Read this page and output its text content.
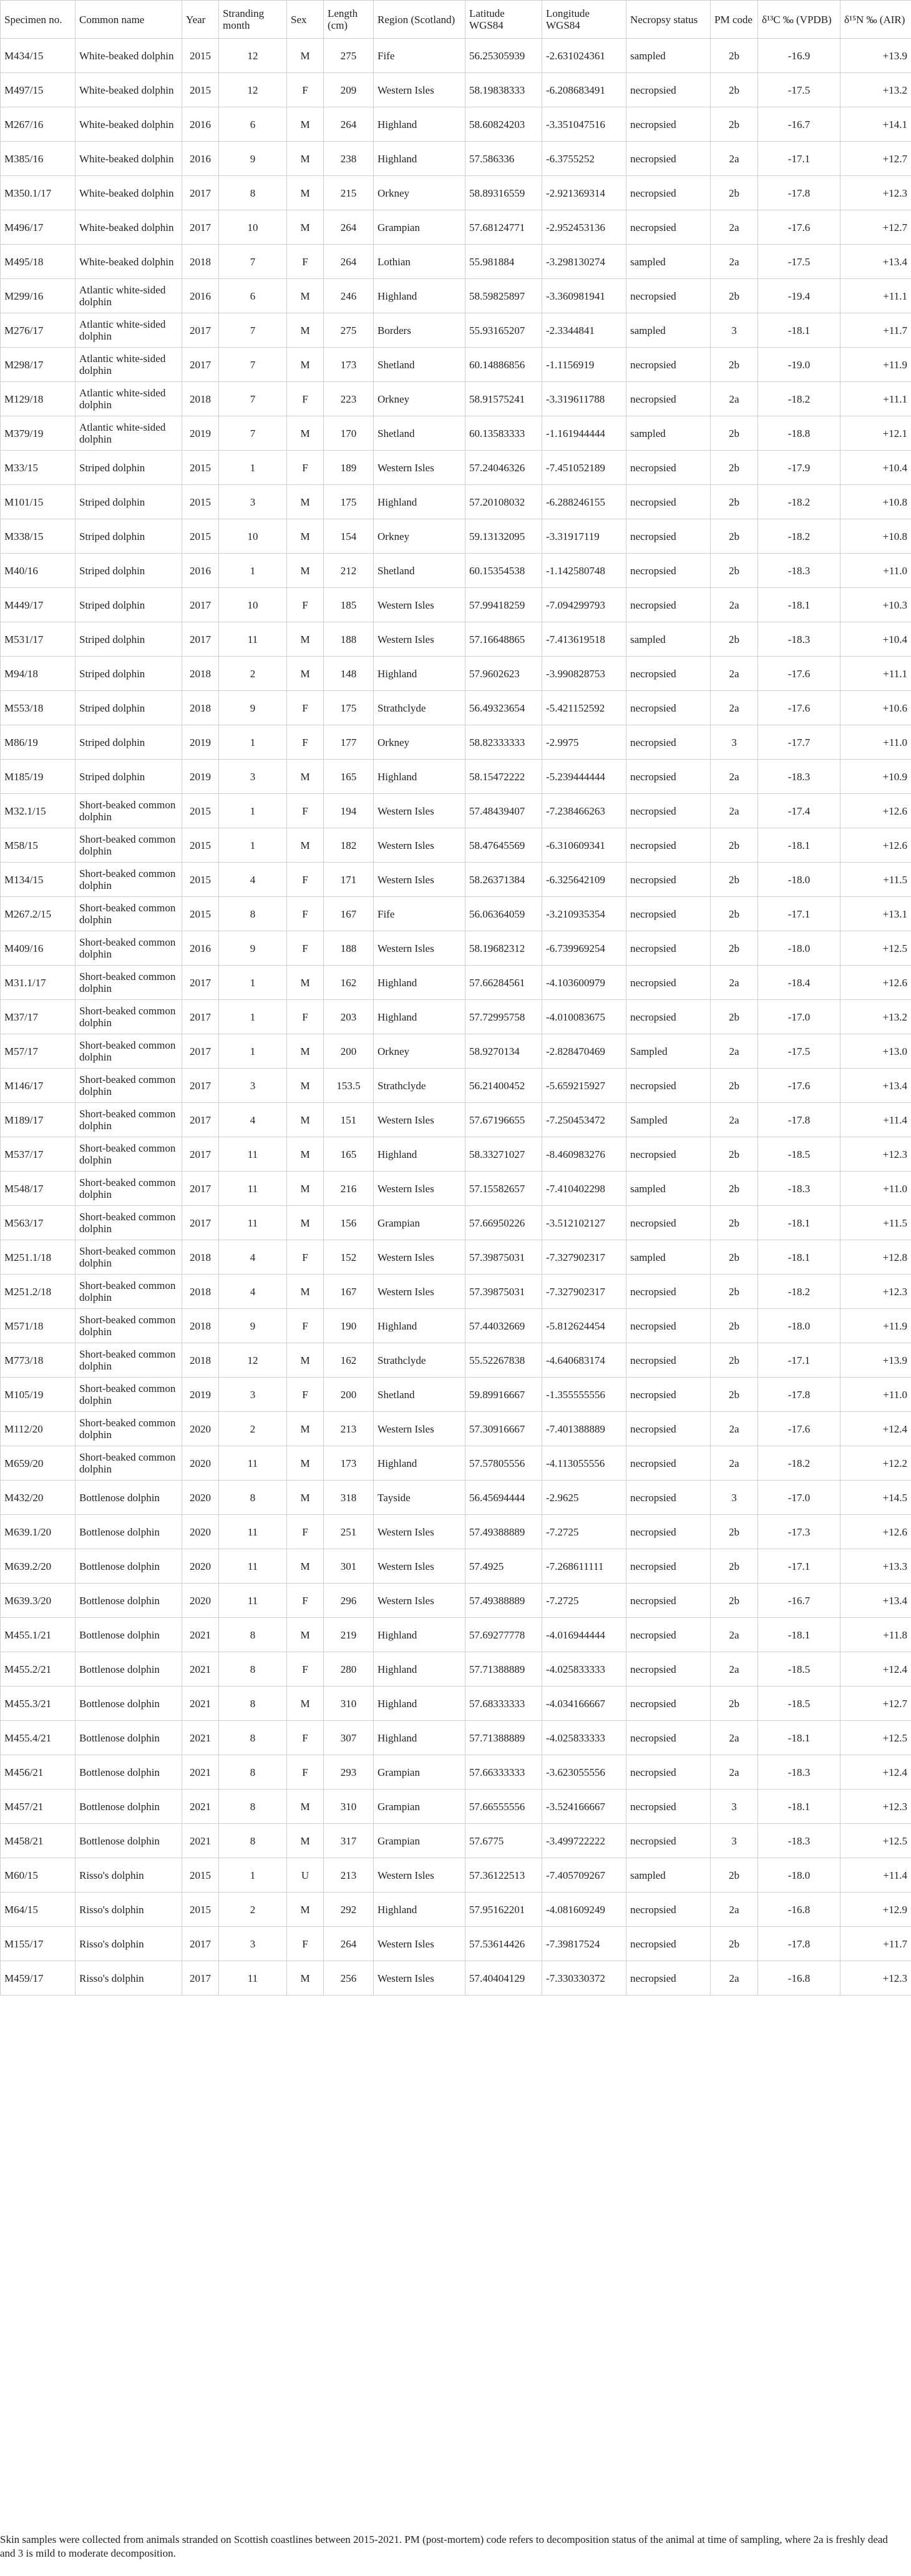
Specimen no.	Common name	Year	Stranding month	Sex	Length (cm)	Region (Scotland)	Latitude WGS84	Longitude WGS84	Necropsy status	PM code	δ¹³C ‰ (VPDB)	δ¹⁵N ‰ (AIR)
M434/15	White-beaked dolphin	2015	12	M	275	Fife	56.25305939	-2.631024361	sampled	2b	-16.9	+13.9
M497/15	White-beaked dolphin	2015	12	F	209	Western Isles	58.19838333	-6.208683491	necropsied	2b	-17.5	+13.2
M267/16	White-beaked dolphin	2016	6	M	264	Highland	58.60824203	-3.351047516	necropsied	2b	-16.7	+14.1
M385/16	White-beaked dolphin	2016	9	M	238	Highland	57.586336	-6.3755252	necropsied	2a	-17.1	+12.7
M350.1/17	White-beaked dolphin	2017	8	M	215	Orkney	58.89316559	-2.921369314	necropsied	2b	-17.8	+12.3
M496/17	White-beaked dolphin	2017	10	M	264	Grampian	57.68124771	-2.952453136	necropsied	2a	-17.6	+12.7
M495/18	White-beaked dolphin	2018	7	F	264	Lothian	55.981884	-3.298130274	sampled	2a	-17.5	+13.4
M299/16	Atlantic white-sided dolphin	2016	6	M	246	Highland	58.59825897	-3.360981941	necropsied	2b	-19.4	+11.1
M276/17	Atlantic white-sided dolphin	2017	7	M	275	Borders	55.93165207	-2.3344841	sampled	3	-18.1	+11.7
M298/17	Atlantic white-sided dolphin	2017	7	M	173	Shetland	60.14886856	-1.1156919	necropsied	2b	-19.0	+11.9
M129/18	Atlantic white-sided dolphin	2018	7	F	223	Orkney	58.91575241	-3.319611788	necropsied	2a	-18.2	+11.1
M379/19	Atlantic white-sided dolphin	2019	7	M	170	Shetland	60.13583333	-1.161944444	sampled	2b	-18.8	+12.1
M33/15	Striped dolphin	2015	1	F	189	Western Isles	57.24046326	-7.451052189	necropsied	2b	-17.9	+10.4
M101/15	Striped dolphin	2015	3	M	175	Highland	57.20108032	-6.288246155	necropsied	2b	-18.2	+10.8
M338/15	Striped dolphin	2015	10	M	154	Orkney	59.13132095	-3.31917119	necropsied	2b	-18.2	+10.8
M40/16	Striped dolphin	2016	1	M	212	Shetland	60.15354538	-1.142580748	necropsied	2b	-18.3	+11.0
M449/17	Striped dolphin	2017	10	F	185	Western Isles	57.99418259	-7.094299793	necropsied	2a	-18.1	+10.3
M531/17	Striped dolphin	2017	11	M	188	Western Isles	57.16648865	-7.413619518	sampled	2b	-18.3	+10.4
M94/18	Striped dolphin	2018	2	M	148	Highland	57.9602623	-3.990828753	necropsied	2a	-17.6	+11.1
M553/18	Striped dolphin	2018	9	F	175	Strathclyde	56.49323654	-5.421152592	necropsied	2a	-17.6	+10.6
M86/19	Striped dolphin	2019	1	F	177	Orkney	58.82333333	-2.9975	necropsied	3	-17.7	+11.0
M185/19	Striped dolphin	2019	3	M	165	Highland	58.15472222	-5.239444444	necropsied	2a	-18.3	+10.9
M32.1/15	Short-beaked common dolphin	2015	1	F	194	Western Isles	57.48439407	-7.238466263	necropsied	2a	-17.4	+12.6
M58/15	Short-beaked common dolphin	2015	1	M	182	Western Isles	58.47645569	-6.310609341	necropsied	2b	-18.1	+12.6
M134/15	Short-beaked common dolphin	2015	4	F	171	Western Isles	58.26371384	-6.325642109	necropsied	2b	-18.0	+11.5
M267.2/15	Short-beaked common dolphin	2015	8	F	167	Fife	56.06364059	-3.210935354	necropsied	2b	-17.1	+13.1
M409/16	Short-beaked common dolphin	2016	9	F	188	Western Isles	58.19682312	-6.739969254	necropsied	2b	-18.0	+12.5
M31.1/17	Short-beaked common dolphin	2017	1	M	162	Highland	57.66284561	-4.103600979	necropsied	2a	-18.4	+12.6
M37/17	Short-beaked common dolphin	2017	1	F	203	Highland	57.72995758	-4.010083675	necropsied	2b	-17.0	+13.2
M57/17	Short-beaked common dolphin	2017	1	M	200	Orkney	58.9270134	-2.828470469	Sampled	2a	-17.5	+13.0
M146/17	Short-beaked common dolphin	2017	3	M	153.5	Strathclyde	56.21400452	-5.659215927	necropsied	2b	-17.6	+13.4
M189/17	Short-beaked common dolphin	2017	4	M	151	Western Isles	57.67196655	-7.250453472	Sampled	2a	-17.8	+11.4
M537/17	Short-beaked common dolphin	2017	11	M	165	Highland	58.33271027	-8.460983276	necropsied	2b	-18.5	+12.3
M548/17	Short-beaked common dolphin	2017	11	M	216	Western Isles	57.15582657	-7.410402298	sampled	2b	-18.3	+11.0
M563/17	Short-beaked common dolphin	2017	11	M	156	Grampian	57.66950226	-3.512102127	necropsied	2b	-18.1	+11.5
M251.1/18	Short-beaked common dolphin	2018	4	F	152	Western Isles	57.39875031	-7.327902317	sampled	2b	-18.1	+12.8
M251.2/18	Short-beaked common dolphin	2018	4	M	167	Western Isles	57.39875031	-7.327902317	necropsied	2b	-18.2	+12.3
M571/18	Short-beaked common dolphin	2018	9	F	190	Highland	57.44032669	-5.812624454	necropsied	2b	-18.0	+11.9
M773/18	Short-beaked common dolphin	2018	12	M	162	Strathclyde	55.52267838	-4.640683174	necropsied	2b	-17.1	+13.9
M105/19	Short-beaked common dolphin	2019	3	F	200	Shetland	59.89916667	-1.355555556	necropsied	2b	-17.8	+11.0
M112/20	Short-beaked common dolphin	2020	2	M	213	Western Isles	57.30916667	-7.401388889	necropsied	2a	-17.6	+12.4
M659/20	Short-beaked common dolphin	2020	11	M	173	Highland	57.57805556	-4.113055556	necropsied	2a	-18.2	+12.2
M432/20	Bottlenose dolphin	2020	8	M	318	Tayside	56.45694444	-2.9625	necropsied	3	-17.0	+14.5
M639.1/20	Bottlenose dolphin	2020	11	F	251	Western Isles	57.49388889	-7.2725	necropsied	2b	-17.3	+12.6
M639.2/20	Bottlenose dolphin	2020	11	M	301	Western Isles	57.4925	-7.268611111	necropsied	2b	-17.1	+13.3
M639.3/20	Bottlenose dolphin	2020	11	F	296	Western Isles	57.49388889	-7.2725	necropsied	2b	-16.7	+13.4
M455.1/21	Bottlenose dolphin	2021	8	M	219	Highland	57.69277778	-4.016944444	necropsied	2a	-18.1	+11.8
M455.2/21	Bottlenose dolphin	2021	8	F	280	Highland	57.71388889	-4.025833333	necropsied	2a	-18.5	+12.4
M455.3/21	Bottlenose dolphin	2021	8	M	310	Highland	57.68333333	-4.034166667	necropsied	2b	-18.5	+12.7
M455.4/21	Bottlenose dolphin	2021	8	F	307	Highland	57.71388889	-4.025833333	necropsied	2a	-18.1	+12.5
M456/21	Bottlenose dolphin	2021	8	F	293	Grampian	57.66333333	-3.623055556	necropsied	2a	-18.3	+12.4
M457/21	Bottlenose dolphin	2021	8	M	310	Grampian	57.66555556	-3.524166667	necropsied	3	-18.1	+12.3
M458/21	Bottlenose dolphin	2021	8	M	317	Grampian	57.6775	-3.499722222	necropsied	3	-18.3	+12.5
M60/15	Risso's dolphin	2015	1	U	213	Western Isles	57.36122513	-7.405709267	sampled	2b	-18.0	+11.4
M64/15	Risso's dolphin	2015	2	M	292	Highland	57.95162201	-4.081609249	necropsied	2a	-16.8	+12.9
M155/17	Risso's dolphin	2017	3	F	264	Western Isles	57.53614426	-7.39817524	necropsied	2b	-17.8	+11.7
M459/17	Risso's dolphin	2017	11	M	256	Western Isles	57.40404129	-7.330330372	necropsied	2a	-16.8	+12.3
Skin samples were collected from animals stranded on Scottish coastlines between 2015-2021. PM (post-mortem) code refers to decomposition status of the animal at time of sampling, where 2a is freshly dead and 3 is mild to moderate decomposition.
